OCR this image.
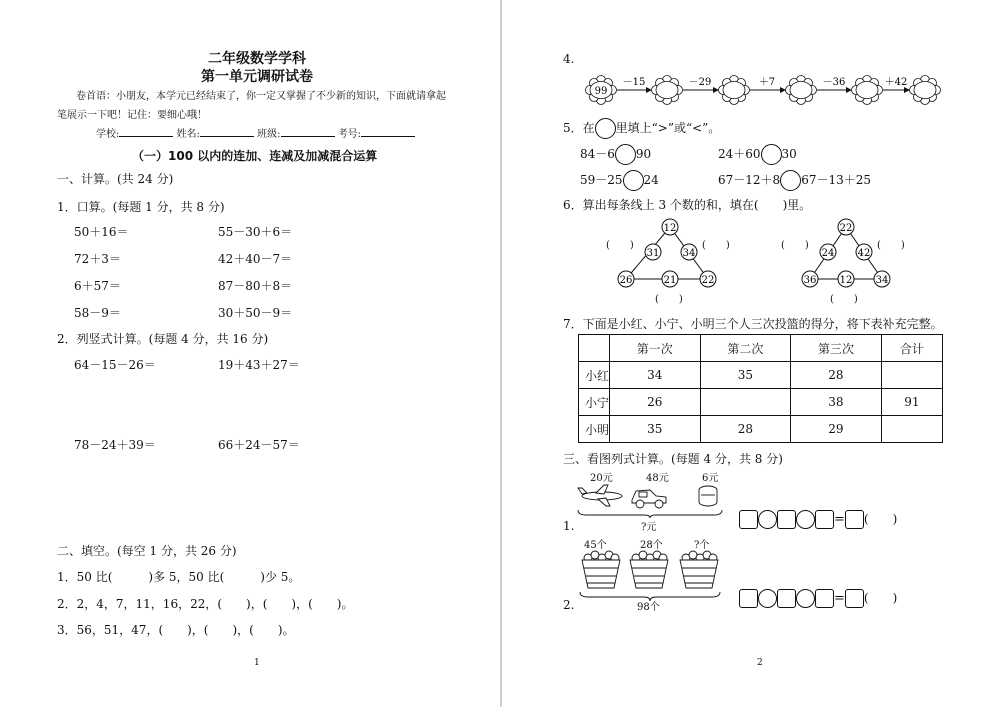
二年级数学学科
第一单元调研试卷
卷首语：小朋友，本学元已经结束了，你一定又掌握了不少新的知识，下面就请拿起
笔展示一下吧！记住：要细心哦！
学校:	姓名:	班级:	考号:
（一）100 以内的连加、连减及加减混合运算
一、计算。(共 24 分)
1．口算。(每题 1 分，共 8 分)
50＋16＝	55－30＋6＝
72＋3＝	42＋40－7＝
6＋57＝	87－80＋8＝
58－9＝	30＋50－9＝
2．列竖式计算。(每题 4 分，共 16 分)
64－15－26＝	19＋43＋27＝
78－24＋39＝	66＋24－57＝
二、填空。(每空 1 分，共 26 分)
1．50 比(　　　)多 5，50 比(　　　)少 5。
2．2，4，7，11，16，22，(　　)，(　　)，(　　)。
3．56，51，47，(　　)，(　　)，(　　)。
1
4.
99
－15	－29	＋7	－36	＋42
5．在 里填上“>”或“<”。
84－6 90	24＋60 30
59－25 24	67－12＋8 67－13＋25
6．算出每条线上 3 个数的和，填在(　　)里。
12
31 34
26	21	22
(　　)	(　　)
(　　)
22
24 42
36 12 34
(　　)	(　　)
(　　)
7．下面是小红、小宁、小明三个人三次投篮的得分，将下表补充完整。
	第一次	第二次	第三次	合计
小红	34	35	28	
小宁	26		38	91
小明	35	28	29	
三、看图列式计算。(每题 4 分，共 8 分)
20元	48元	6元
?元
1.	= (　　)
45个	28个	?个
98个
2.	= (　　)
2
